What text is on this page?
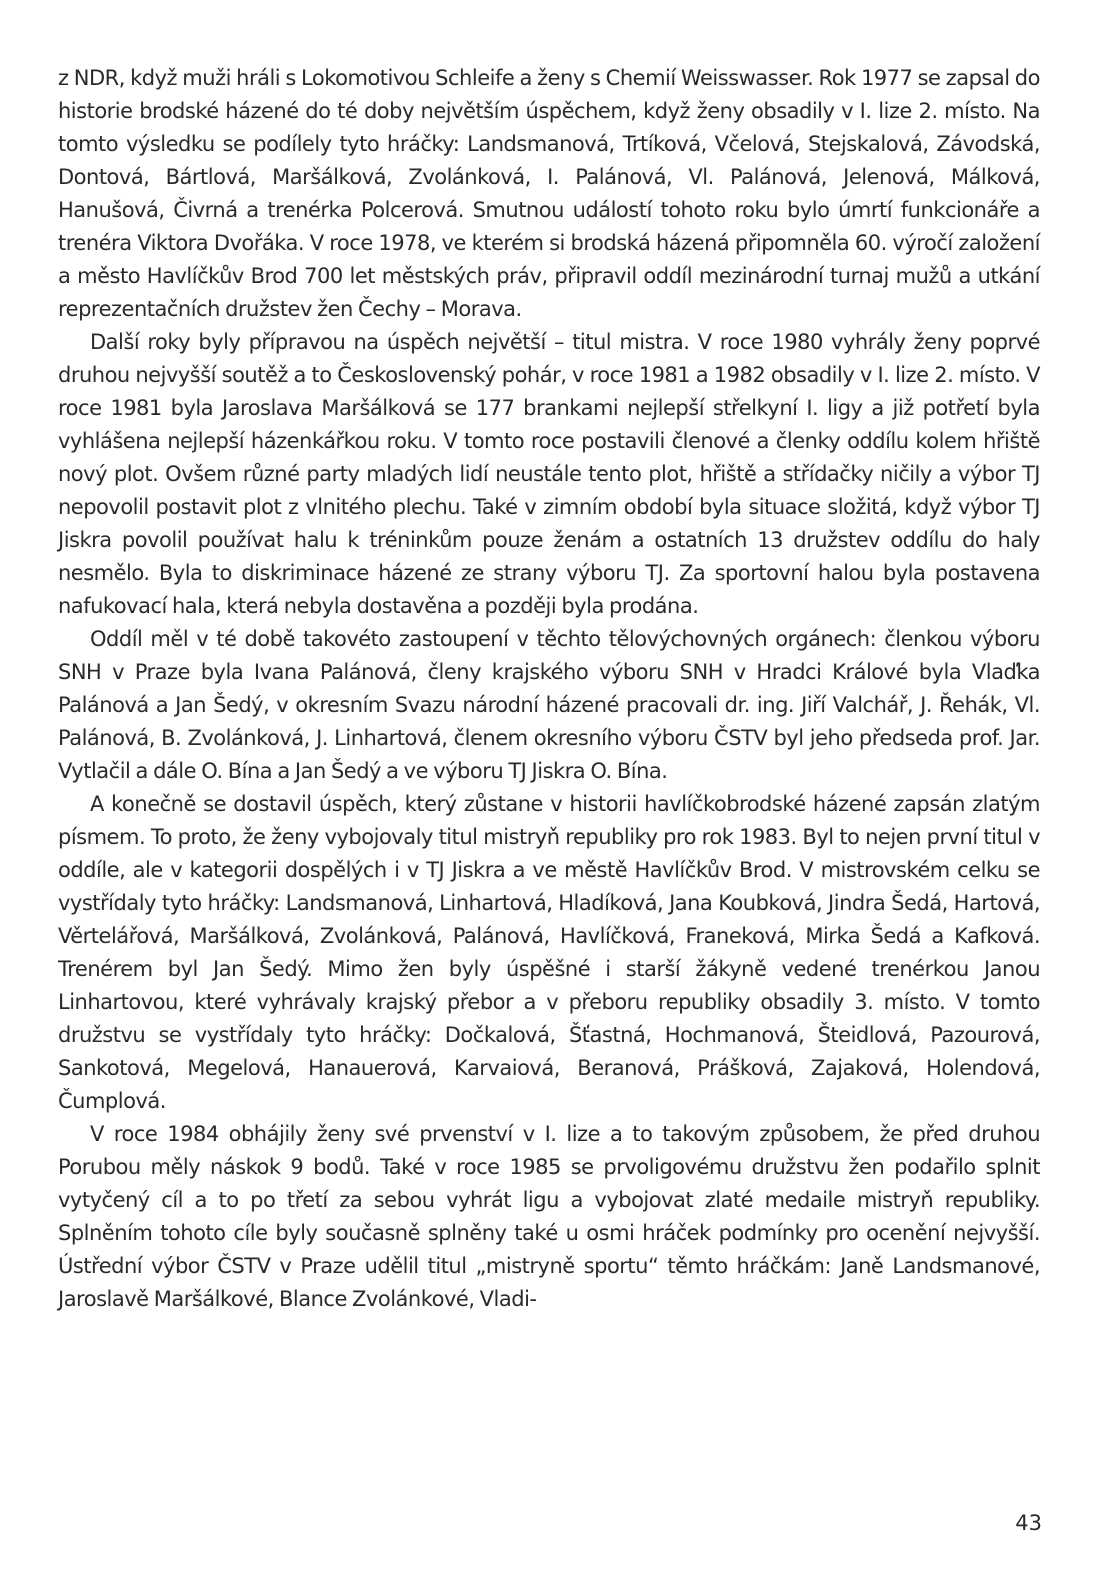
z NDR, když muži hráli s Lokomotivou Schleife a ženy s Chemií Weisswasser. Rok 1977 se zapsal do historie brodské házené do té doby největším úspěchem, když ženy obsadily v I. lize 2. místo. Na tomto výsledku se podílely tyto hráčky: Landsmanová, Trtíková, Včelová, Stejskalová, Závodská, Dontová, Bártlová, Maršálková, Zvolánková, I. Palánová, Vl. Palánová, Jelenová, Málková, Hanušová, Čivrná a trenérka Polcerová. Smutnou událostí tohoto roku bylo úmrtí funkcionáře a trenéra Viktora Dvořáka. V roce 1978, ve kterém si brodská házená připomněla 60. výročí založení a město Havlíčkův Brod 700 let městských práv, připravil oddíl mezinárodní turnaj mužů a utkání reprezentačních družstev žen Čechy – Morava.

Další roky byly přípravou na úspěch největší – titul mistra. V roce 1980 vyhrály ženy poprvé druhou nejvyšší soutěž a to Československý pohár, v roce 1981 a 1982 obsadily v I. lize 2. místo. V roce 1981 byla Jaroslava Maršálková se 177 brankami nejlepší střelkyní I. ligy a již potřetí byla vyhlášena nejlepší házenkářkou roku. V tomto roce postavili členové a členky oddílu kolem hřiště nový plot. Ovšem různé party mladých lidí neustále tento plot, hřiště a střídačky ničily a výbor TJ nepovolil postavit plot z vlnitého plechu. Také v zimním období byla situace složitá, když výbor TJ Jiskra povolil používat halu k tréninkům pouze ženám a ostatních 13 družstev oddílu do haly nesmělo. Byla to diskriminace házené ze strany výboru TJ. Za sportovní halou byla postavena nafukovací hala, která nebyla dostavěna a později byla prodána.

Oddíl měl v té době takovéto zastoupení v těchto tělovýchovných orgánech: členkou výboru SNH v Praze byla Ivana Palánová, členy krajského výboru SNH v Hradci Králové byla Vlaďka Palánová a Jan Šedý, v okresním Svazu národní házené pracovali dr. ing. Jiří Valchář, J. Řehák, Vl. Palánová, B. Zvolánková, J. Linhartová, členem okresního výboru ČSTV byl jeho předseda prof. Jar. Vytlačil a dále O. Bína a Jan Šedý a ve výboru TJ Jiskra O. Bína.

A konečně se dostavil úspěch, který zůstane v historii havlíčkobrodské házené zapsán zlatým písmem. To proto, že ženy vybojovaly titul mistryň republiky pro rok 1983. Byl to nejen první titul v oddíle, ale v kategorii dospělých i v TJ Jiskra a ve městě Havlíčkův Brod. V mistrovském celku se vystřídaly tyto hráčky: Landsmanová, Linhartová, Hladíková, Jana Koubková, Jindra Šedá, Hartová, Věrtelářová, Maršálková, Zvolánková, Palánová, Havlíčková, Franeková, Mirka Šedá a Kafková. Trenérem byl Jan Šedý. Mimo žen byly úspěšné i starší žákyně vedené trenérkou Janou Linhartovou, které vyhrávaly krajský přebor a v přeboru republiky obsadily 3. místo. V tomto družstvu se vystřídaly tyto hráčky: Dočkalová, Šťastná, Hochmanová, Šteidlová, Pazourová, Sankotová, Megelová, Hanauerová, Karvaiová, Beranová, Prášková, Zajaková, Holendová, Čumplová.

V roce 1984 obhájily ženy své prvenství v I. lize a to takovým způsobem, že před druhou Porubou měly náskok 9 bodů. Také v roce 1985 se prvoligovému družstvu žen podařilo splnit vytyčený cíl a to po třetí za sebou vyhrát ligu a vybojovat zlaté medaile mistryň republiky. Splněním tohoto cíle byly současně splněny také u osmi hráček podmínky pro ocenění nejvyšší. Ústřední výbor ČSTV v Praze udělil titul „mistryně sportu“ těmto hráčkám: Janě Landsmanové, Jaroslavě Maršálkové, Blance Zvolánkové, Vladi-

43
